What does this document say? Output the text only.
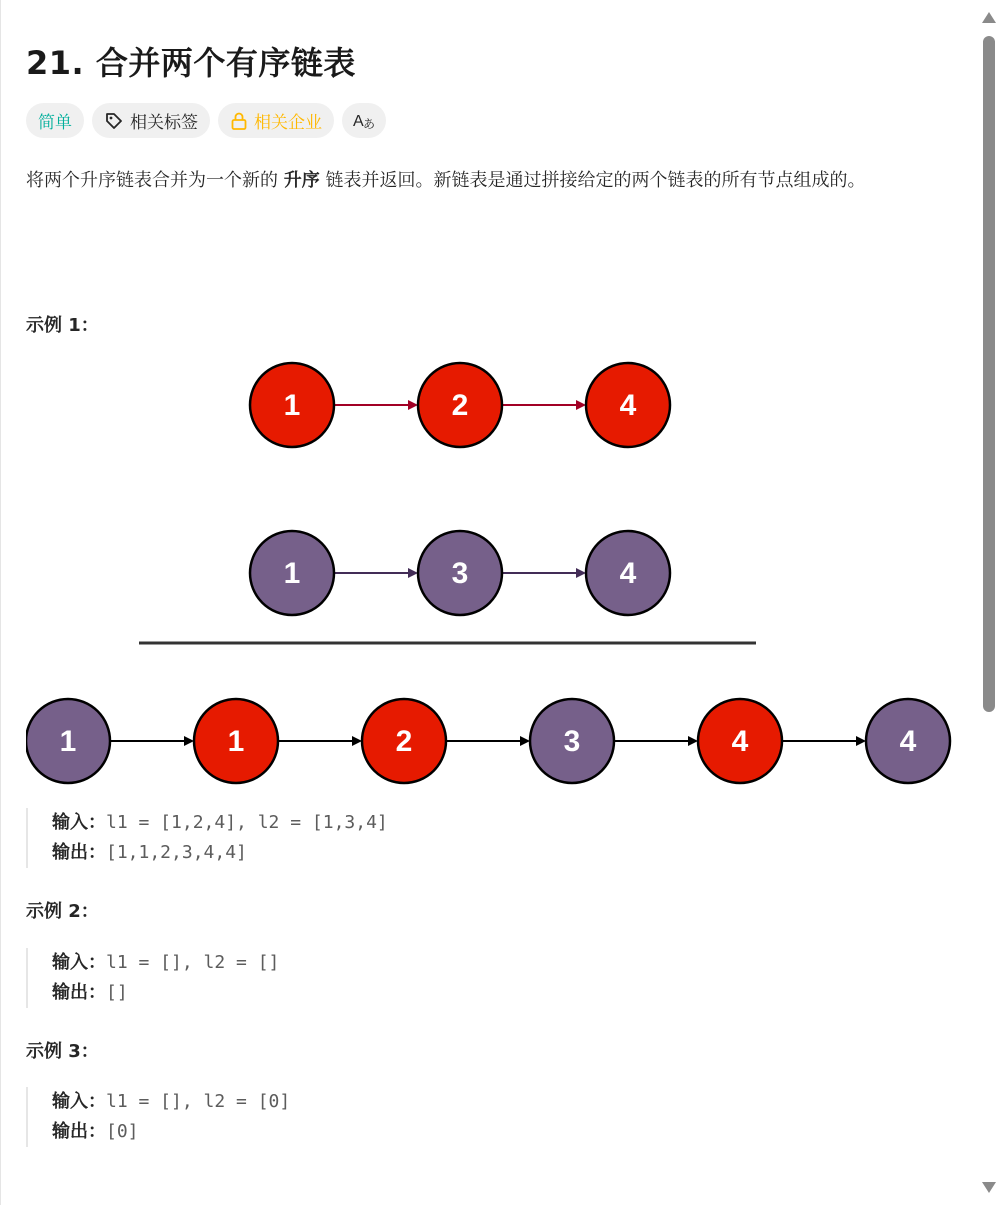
21. 合并两个有序链表
简单	相关标签	相关企业 A あ
将两个升序链表合并为一个新的 升序 链表并返回。新链表是通过拼接给定的两个链表的所有节点组成的。
示例 1：
1	2	4
1	3	4
1	1	2	3	4	4
输入：l1 = [1,2,4], l2 = [1,3,4]
输出：[1,1,2,3,4,4]
示例 2：
输入：l1 = [], l2 = []
输出：[]
示例 3：
输入：l1 = [], l2 = [0]
输出：[0]
